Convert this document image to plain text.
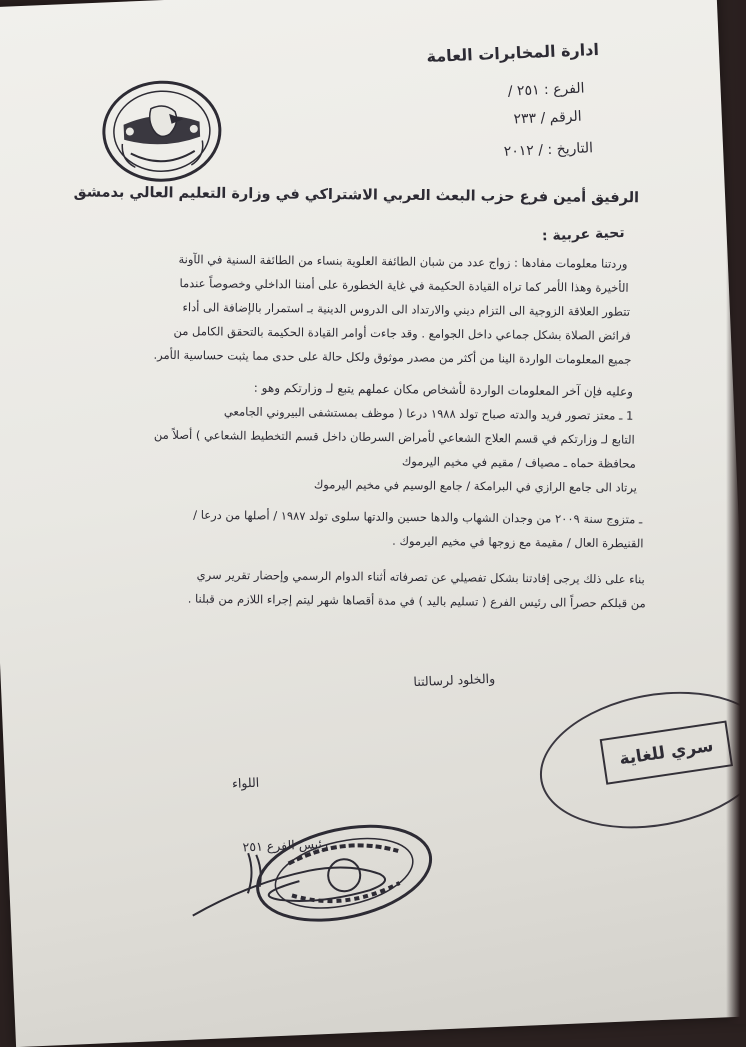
ادارة المخابرات العامة
الفرع : ٢٥١ /
الرقم / ٢٣٣
التاريخ : / ٢٠١٢
الرفيق أمين فرع حزب البعث العربي الاشتراكي في وزارة التعليم العالي بدمشق
تحية عربية :
وردتنا معلومات مفادها : زواج عدد من شبان الطائفة العلوية بنساء من الطائفة السنية في الآونة
الأخيرة وهذا الأمر كما تراه القيادة الحكيمة في غاية الخطورة على أمننا الداخلي وخصوصاً عندما
تتطور العلاقة الزوجية الى التزام ديني والارتداد الى الدروس الدينية بـ استمرار بالإضافة الى أداء
فرائض الصلاة بشكل جماعي داخل الجوامع . وقد جاءت أوامر القيادة الحكيمة بالتحقق الكامل من
جميع المعلومات الواردة الينا من أكثر من مصدر موثوق ولكل حالة على حدى مما يثبت حساسية الأمر.
وعليه فإن آخر المعلومات الواردة لأشخاص مكان عملهم يتبع لـ وزارتكم وهو :
1 ـ معتز تصور فريد والدته صباح تولد ١٩٨٨ درعا ( موظف بمستشفى البيروني الجامعي
التابع لـ وزارتكم في قسم العلاج الشعاعي لأمراض السرطان داخل قسم التخطيط الشعاعي ) أصلاً من
محافظة حماه ـ مصياف / مقيم في مخيم اليرموك
يرتاد الى جامع الرازي في البرامكة / جامع الوسيم في مخيم اليرموك
ـ متزوج سنة ٢٠٠٩ من وجدان الشهاب والدها حسين والدتها سلوى تولد ١٩٨٧ / أصلها من درعا /
القنيطرة العال / مقيمة مع زوجها في مخيم اليرموك .
بناء على ذلك يرجى إفادتنا بشكل تفصيلي عن تصرفاته أثناء الدوام الرسمي وإحضار تقرير سري
من قبلكم حصراً الى رئيس الفرع ( تسليم باليد ) في مدة أقصاها شهر ليتم إجراء اللازم من قبلنا .
والخلود لرسالتنا
اللواء
رئيس الفرع ٢٥١
سري للغاية
